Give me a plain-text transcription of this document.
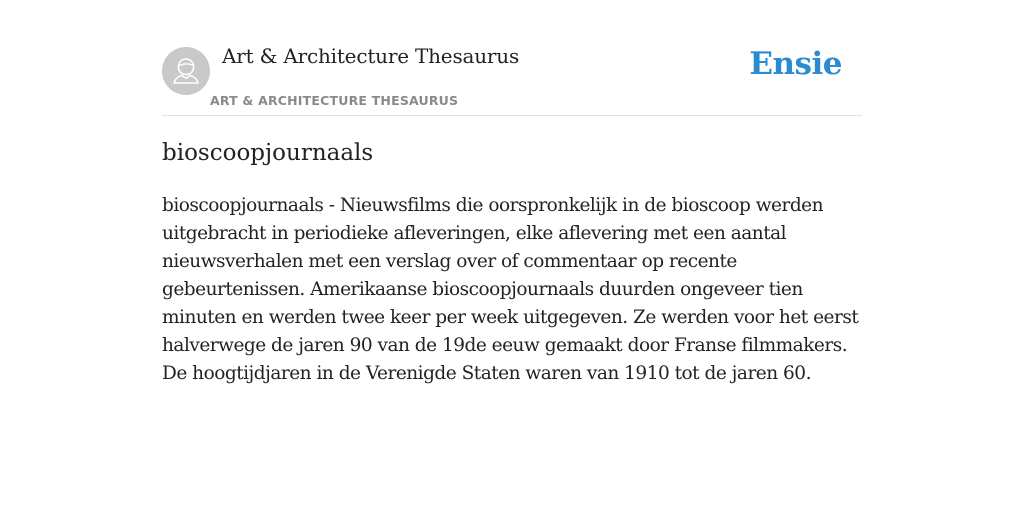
Art & Architecture Thesaurus
ART & ARCHITECTURE THESAURUS
Ensie
bioscoopjournaals

bioscoopjournaals - Nieuwsfilms die oorspronkelijk in de bioscoop werden uitgebracht in periodieke afleveringen, elke aflevering met een aantal nieuwsverhalen met een verslag over of commentaar op recente gebeurtenissen. Amerikaanse bioscoopjournaals duurden ongeveer tien minuten en werden twee keer per week uitgegeven. Ze werden voor het eerst halverwege de jaren 90 van de 19de eeuw gemaakt door Franse filmmakers. De hoogtijdjaren in de Verenigde Staten waren van 1910 tot de jaren 60.
